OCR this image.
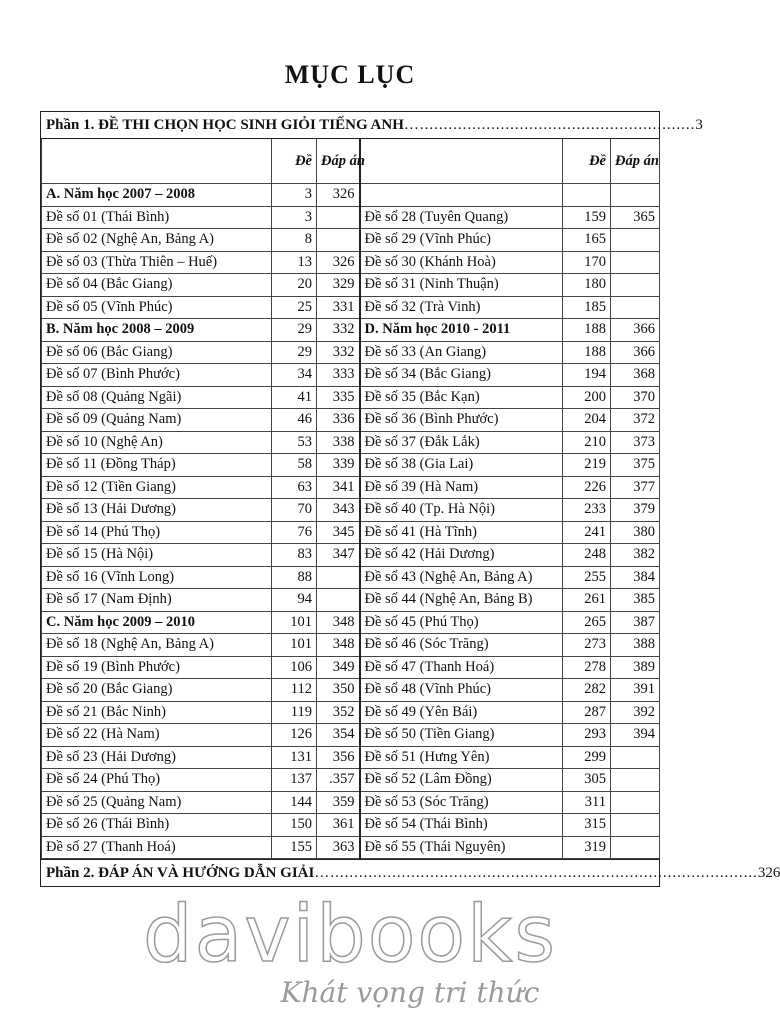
MỤC LỤC
Phần 1. ĐỀ THI CHỌN HỌC SINH GIỎI TIẾNG ANH ….......................................................... 3
	Đề	Đáp án		Đề	Đáp án
A. Năm học 2007 – 2008	3	326			
Đề số 01 (Thái Bình)	3		Đề số 28 (Tuyên Quang)	159	365
Đề số 02 (Nghệ An, Bảng A)	8		Đề số 29 (Vĩnh Phúc)	165	
Đề số 03 (Thừa Thiên – Huế)	13	326	Đề số 30 (Khánh Hoà)	170	
Đề số 04 (Bắc Giang)	20	329	Đề số 31 (Ninh Thuận)	180	
Đề số 05 (Vĩnh Phúc)	25	331	Đề số 32 (Trà Vinh)	185	
B. Năm học 2008 – 2009	29	332	D. Năm học 2010 - 2011	188	366
Đề số 06 (Bắc Giang)	29	332	Đề số 33 (An Giang)	188	366
Đề số 07 (Bình Phước)	34	333	Đề số 34 (Bắc Giang)	194	368
Đề số 08 (Quảng Ngãi)	41	335	Đề số 35 (Bắc Kạn)	200	370
Đề số 09 (Quảng Nam)	46	336	Đề số 36 (Bình Phước)	204	372
Đề số 10 (Nghệ An)	53	338	Đề số 37 (Đắk Lắk)	210	373
Đề số 11 (Đồng Tháp)	58	339	Đề số 38 (Gia Lai)	219	375
Đề số 12 (Tiền Giang)	63	341	Đề số 39 (Hà Nam)	226	377
Đề số 13 (Hải Dương)	70	343	Đề số 40 (Tp. Hà Nội)	233	379
Đề số 14 (Phú Thọ)	76	345	Đề số 41 (Hà Tĩnh)	241	380
Đề số 15 (Hà Nội)	83	347	Đề số 42 (Hải Dương)	248	382
Đề số 16 (Vĩnh Long)	88		Đề số 43 (Nghệ An, Bảng A)	255	384
Đề số 17 (Nam Định)	94		Đề số 44 (Nghệ An, Bảng B)	261	385
C. Năm học 2009 – 2010	101	348	Đề số 45 (Phú Thọ)	265	387
Đề số 18 (Nghệ An, Bảng A)	101	348	Đề số 46 (Sóc Trăng)	273	388
Đề số 19 (Bình Phước)	106	349	Đề số 47 (Thanh Hoá)	278	389
Đề số 20 (Bắc Giang)	112	350	Đề số 48 (Vĩnh Phúc)	282	391
Đề số 21 (Bắc Ninh)	119	352	Đề số 49 (Yên Bái)	287	392
Đề số 22 (Hà Nam)	126	354	Đề số 50 (Tiền Giang)	293	394
Đề số 23 (Hải Dương)	131	356	Đề số 51 (Hưng Yên)	299	
Đề số 24 (Phú Thọ)	137	.357	Đề số 52 (Lâm Đồng)	305	
Đề số 25 (Quảng Nam)	144	359	Đề số 53 (Sóc Trăng)	311	
Đề số 26 (Thái Bình)	150	361	Đề số 54 (Thái Bình)	315	
Đề số 27 (Thanh Hoá)	155	363	Đề số 55 (Thái Nguyên)	319	
Phần 2. ĐÁP ÁN VÀ HƯỚNG DẪN GIẢI ….......................................................................................... 326
davibooks
Khát vọng tri thức
